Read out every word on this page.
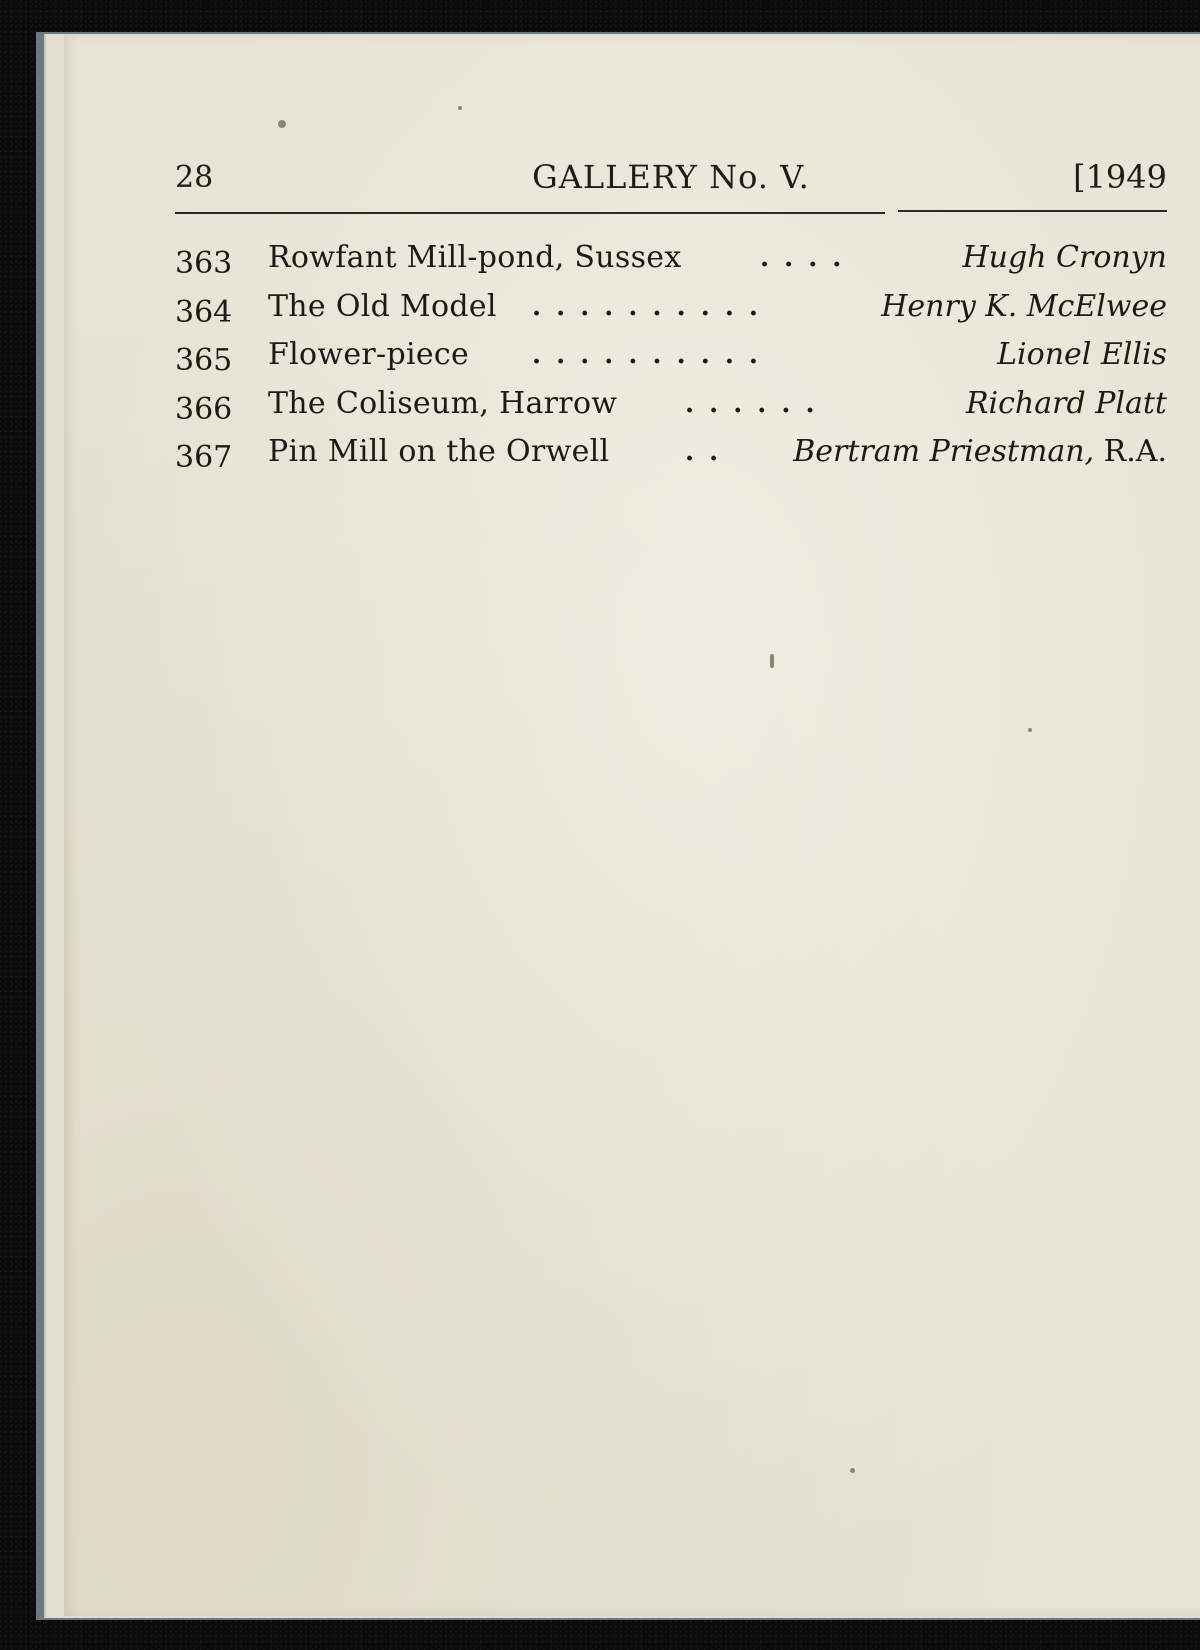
28	GALLERY No. V.	[1949
363 Rowfant Mill-pond, Sussex	. . . .	Hugh Cronyn
364 The Old Model . . . . . . . . . .	Henry K. McElwee
365 Flower-piece . . . . . . . . . .	Lionel Ellis
366 The Coliseum, Harrow	. . . . . .	Richard Platt
367 Pin Mill on the Orwell	. . Bertram Priestman, R.A.
